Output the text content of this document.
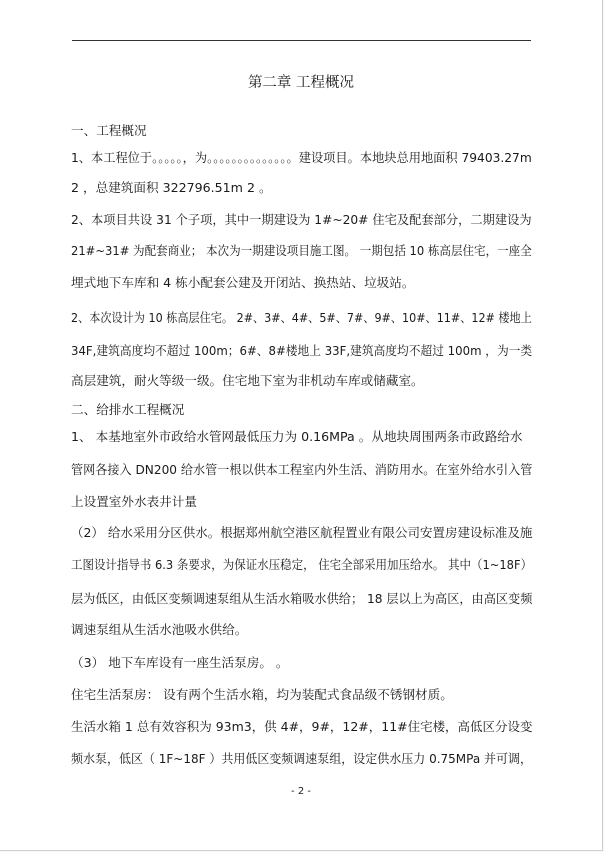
第二章 工程概况
一、工程概况
1、本工程位于。。。。。，为。。。。。。。。。。。。。。建设项目。本地块总用地面积 79403.27m
2 ，总建筑面积 322796.51m 2 。
2、本项目共设 31 个子项，其中一期建设为 1#~20# 住宅及配套部分，二期建设为
21#~31# 为配套商业； 本次为一期建设项目施工图。 一期包括 10 栋高层住宅，一座全
埋式地下车库和 4 栋小配套公建及开闭站、换热站、垃圾站。
2、本次设计为 10 栋高层住宅。 2#、3#、4#、5#、7#、9#、10#、11#、12# 楼地上
34F,建筑高度均不超过 100m；6#、8#楼地上 33F,建筑高度均不超过 100m ，为一类
高层建筑，耐火等级一级。住宅地下室为非机动车库或储藏室。
二、给排水工程概况
1、 本基地室外市政给水管网最低压力为 0.16MPa 。从地块周围两条市政路给水
管网各接入 DN200 给水管一根以供本工程室内外生活、消防用水。在室外给水引入管
上设置室外水表井计量
（2） 给水采用分区供水。根据郑州航空港区航程置业有限公司安置房建设标准及施
工图设计指导书 6.3 条要求，为保证水压稳定， 住宅全部采用加压给水。 其中（1~18F）
层为低区，由低区变频调速泵组从生活水箱吸水供给； 18 层以上为高区，由高区变频
调速泵组从生活水池吸水供给。
（3） 地下车库设有一座生活泵房。 。
住宅生活泵房： 设有两个生活水箱，均为装配式食品级不锈钢材质。
生活水箱 1 总有效容积为 93m3，供 4#，9#，12#，11#住宅楼，高低区分设变
频水泵，低区（ 1F~18F ）共用低区变频调速泵组，设定供水压力 0.75MPa 并可调，
- 2 -
